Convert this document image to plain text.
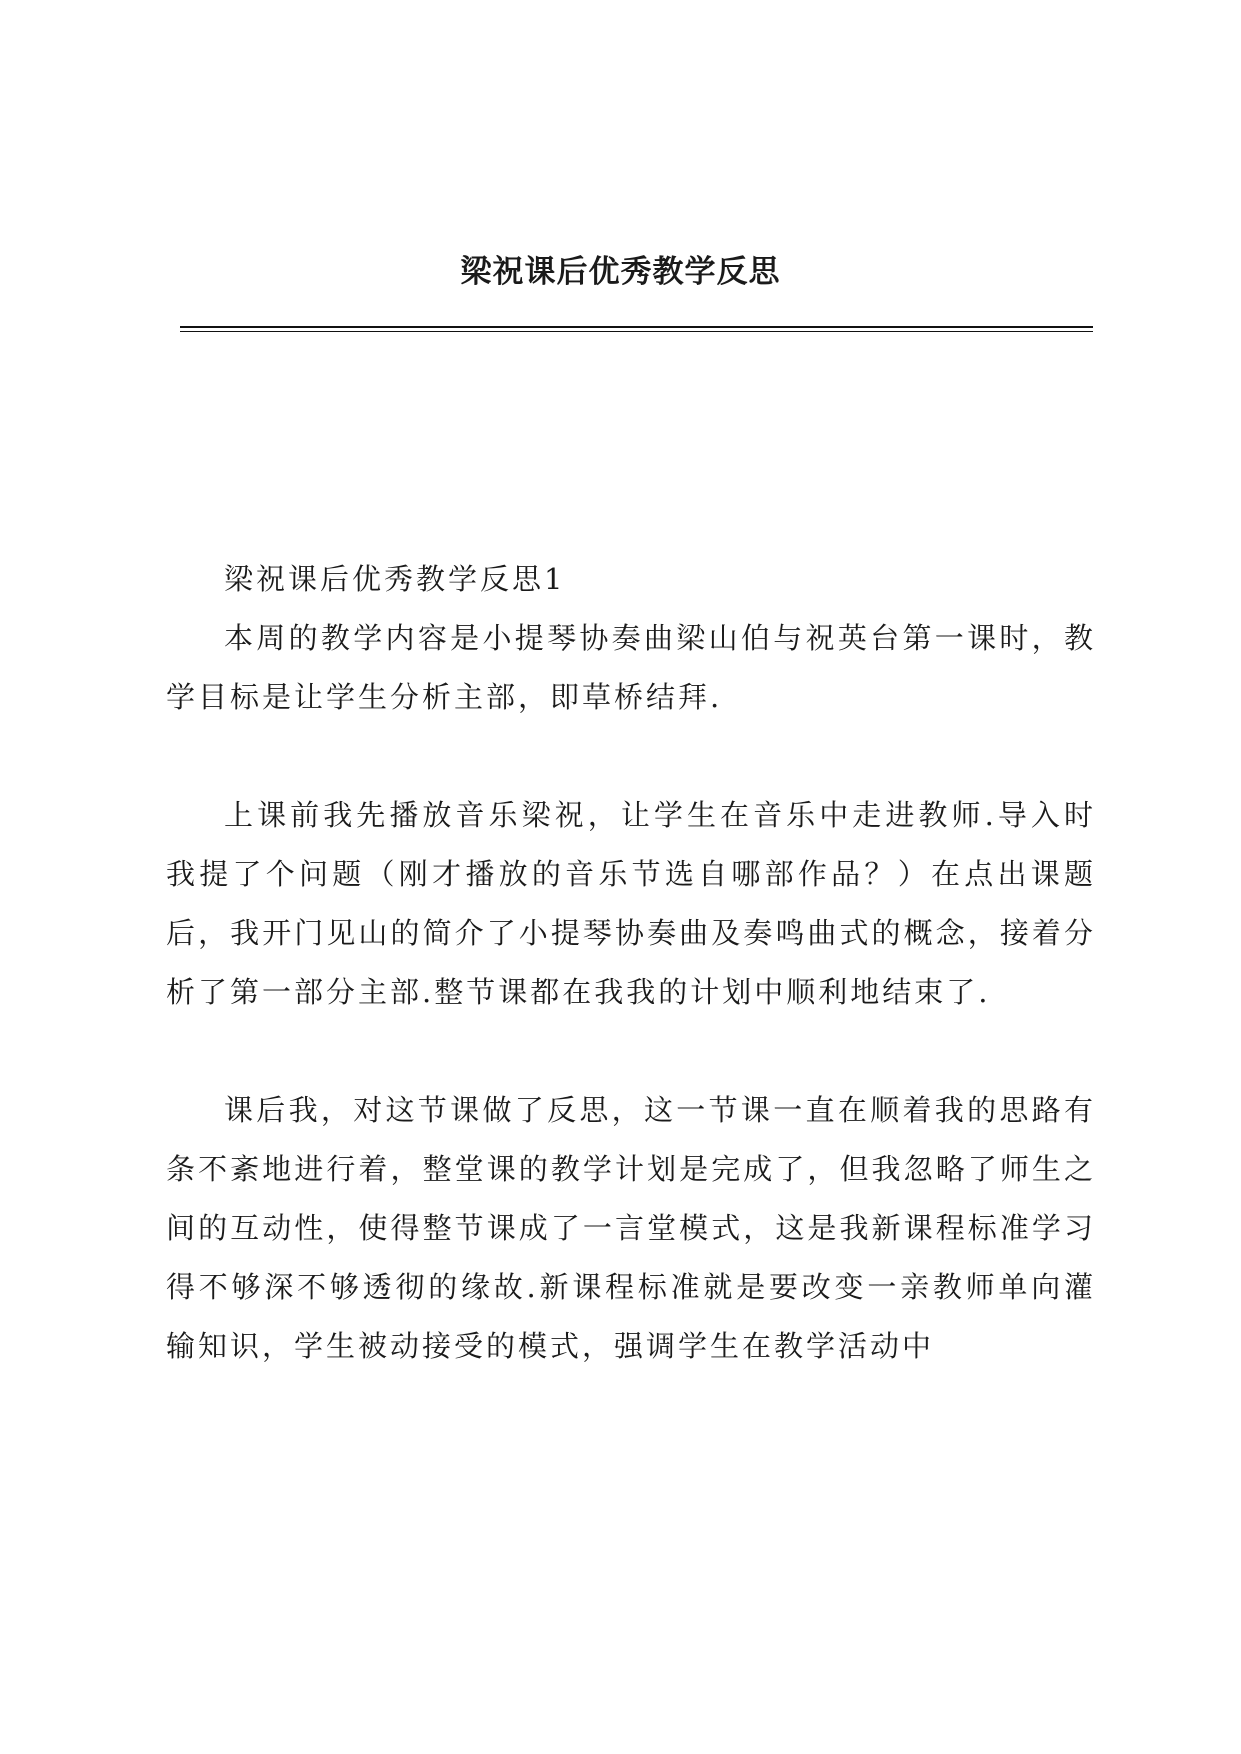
梁祝课后优秀教学反思

梁祝课后优秀教学反思1

本周的教学内容是小提琴协奏曲梁山伯与祝英台第一课时，教学目标是让学生分析主部，即草桥结拜.

上课前我先播放音乐梁祝，让学生在音乐中走进教师.导入时我提了个问题（刚才播放的音乐节选自哪部作品？）在点出课题后，我开门见山的简介了小提琴协奏曲及奏鸣曲式的概念，接着分析了第一部分主部.整节课都在我我的计划中顺利地结束了.

课后我，对这节课做了反思，这一节课一直在顺着我的思路有条不紊地进行着，整堂课的教学计划是完成了，但我忽略了师生之间的互动性，使得整节课成了一言堂模式，这是我新课程标准学习得不够深不够透彻的缘故.新课程标准就是要改变一亲教师单向灌输知识，学生被动接受的模式，强调学生在教学活动中
